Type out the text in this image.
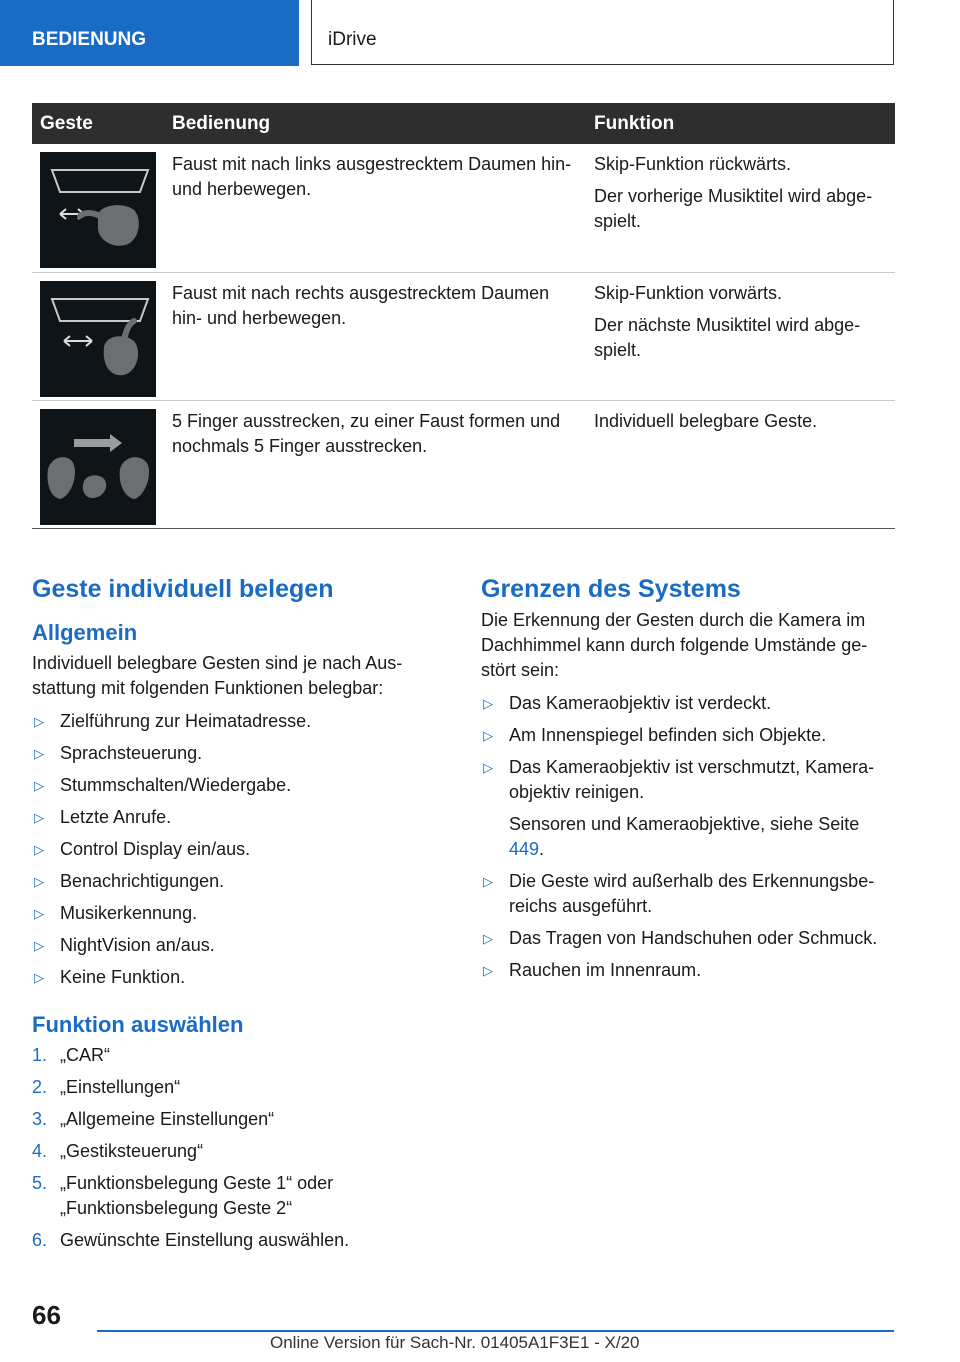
BEDIENUNG	iDrive
Geste	Bedienung	Funktion

	Faust mit nach links ausgestrecktem Daumen hin- und herbewegen.	Skip-Funktion rückwärts.

Der vorherige Musiktitel wird abgespielt.

	Faust mit nach rechts ausgestrecktem Daumen hin- und herbewegen.	Skip-Funktion vorwärts.

Der nächste Musiktitel wird abgespielt.

	5 Finger ausstrecken, zu einer Faust formen und nochmals 5 Finger ausstrecken.	Individuell belegbare Geste.

Geste individuell belegen
Allgemein
Individuell belegbare Gesten sind je nach Ausstattung mit folgenden Funktionen belegbar:
▷ Zielführung zur Heimatadresse.
▷ Sprachsteuerung.
▷ Stummschalten/Wiedergabe.
▷ Letzte Anrufe.
▷ Control Display ein/aus.
▷ Benachrichtigungen.
▷ Musikerkennung.
▷ NightVision an/aus.
▷ Keine Funktion.
Funktion auswählen
1. „CAR“
2. „Einstellungen“
3. „Allgemeine Einstellungen“
4. „Gestiksteuerung“
5. „Funktionsbelegung Geste 1“ oder „Funktionsbelegung Geste 2“
6. Gewünschte Einstellung auswählen.
Grenzen des Systems
Die Erkennung der Gesten durch die Kamera im Dachhimmel kann durch folgende Umstände gestört sein:
▷ Das Kameraobjektiv ist verdeckt.
▷ Am Innenspiegel befinden sich Objekte.
▷ Das Kameraobjektiv ist verschmutzt, Kameraobjektiv reinigen.
Sensoren und Kameraobjektive, siehe Seite 449.
▷ Die Geste wird außerhalb des Erkennungsbereichs ausgeführt.
▷ Das Tragen von Handschuhen oder Schmuck.
▷ Rauchen im Innenraum.
66
Online Version für Sach-Nr. 01405A1F3E1 - X/20
